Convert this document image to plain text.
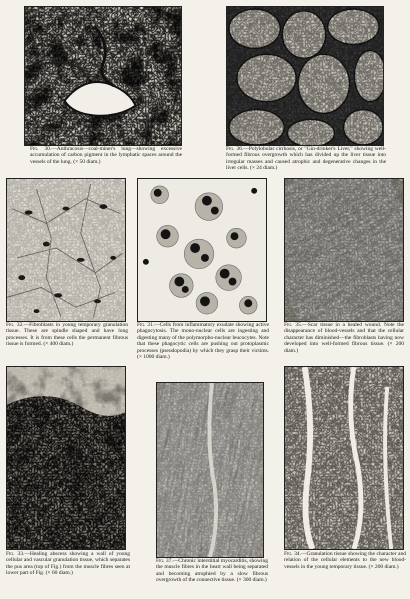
Fig. 30.—Anthracosis—coal-miner's lung—showing excessive accumulation of carbon pigment in the lymphatic spaces around the vessels of the lung. (× 50 diam.)
Fig. 36.—Polylobular cirrhosis, or "Gin-drinker's Liver," showing well-formed fibrous overgrowth which has divided up the liver tissue into irregular masses and caused atrophic and degenerative changes in the liver cells. (× 24 diam.)
Fig. 32.—Fibroblasts in young temporary granulation tissue. These are spindle shaped and have long processes. It is from these cells the permanent fibrous tissue is formed. (× 400 diam.)
Fig. 31.—Cells from inflammatory exudate showing active phagocytosis. The mono-nuclear cells are ingesting and digesting many of the polymorpho-nuclear leucocytes. Note that these phagocytic cells are pushing out protoplasmic processes (pseudopodia) by which they grasp their victims. (× 1000 diam.)
Fig. 35.—Scar tissue in a healed wound. Note the disappearance of blood-vessels and that the cellular character has diminished—the fibroblasts having now developed into well-formed fibrous tissue. (× 200 diam.)
Fig. 33.—Healing abscess showing a wall of young cellular and vascular granulation tissue, which separates the pus area (top of Fig.) from the muscle fibres seen at lower part of Fig. (× 60 diam.)
Fig. 37.—Chronic interstitial myocarditis, showing the muscle fibres in the heart wall being separated and becoming atrophied by a slow fibrous overgrowth of the connective tissue. (× 300 diam.)
Fig. 34.—Granulation tissue showing the character and relation of the cellular elements to the new blood-vessels in the young temporary tissue. (× 200 diam.)
